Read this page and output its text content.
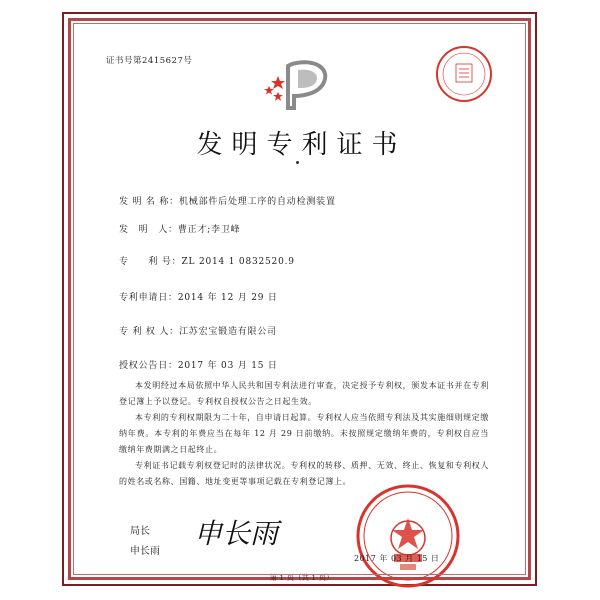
证书号第2415627号
发明专利证书
发 明 名 称：机械部件后处理工序的自动检测装置
发　明　人：曹正才;李卫峰
专　　利 号：ZL 2014 1 0832520.9
专利申请日：2014 年 12 月 29 日
专 利 权 人：江苏宏宝锻造有限公司
授权公告日：2017 年 03 月 15 日

本发明经过本局依照中华人民共和国专利法进行审查，决定授予专利权，颁发本证书并在专利登记簿上予以登记。专利权自授权公告之日起生效。

本专利的专利权期限为二十年，自申请日起算。专利权人应当依照专利法及其实施细则规定缴纳年费。本专利的年费应当在每年 12 月 29 日前缴纳。未按照规定缴纳年费的，专利权自应当缴纳年费期满之日起终止。

专利证书记载专利权登记时的法律状况。专利权的转移、质押、无效、终止、恢复和专利权人的姓名或名称、国籍、地址变更等事项记载在专利登记簿上。

2017 年 03 月 15 日
局长
申长雨
申长雨
第 1 页（共 1 页）
